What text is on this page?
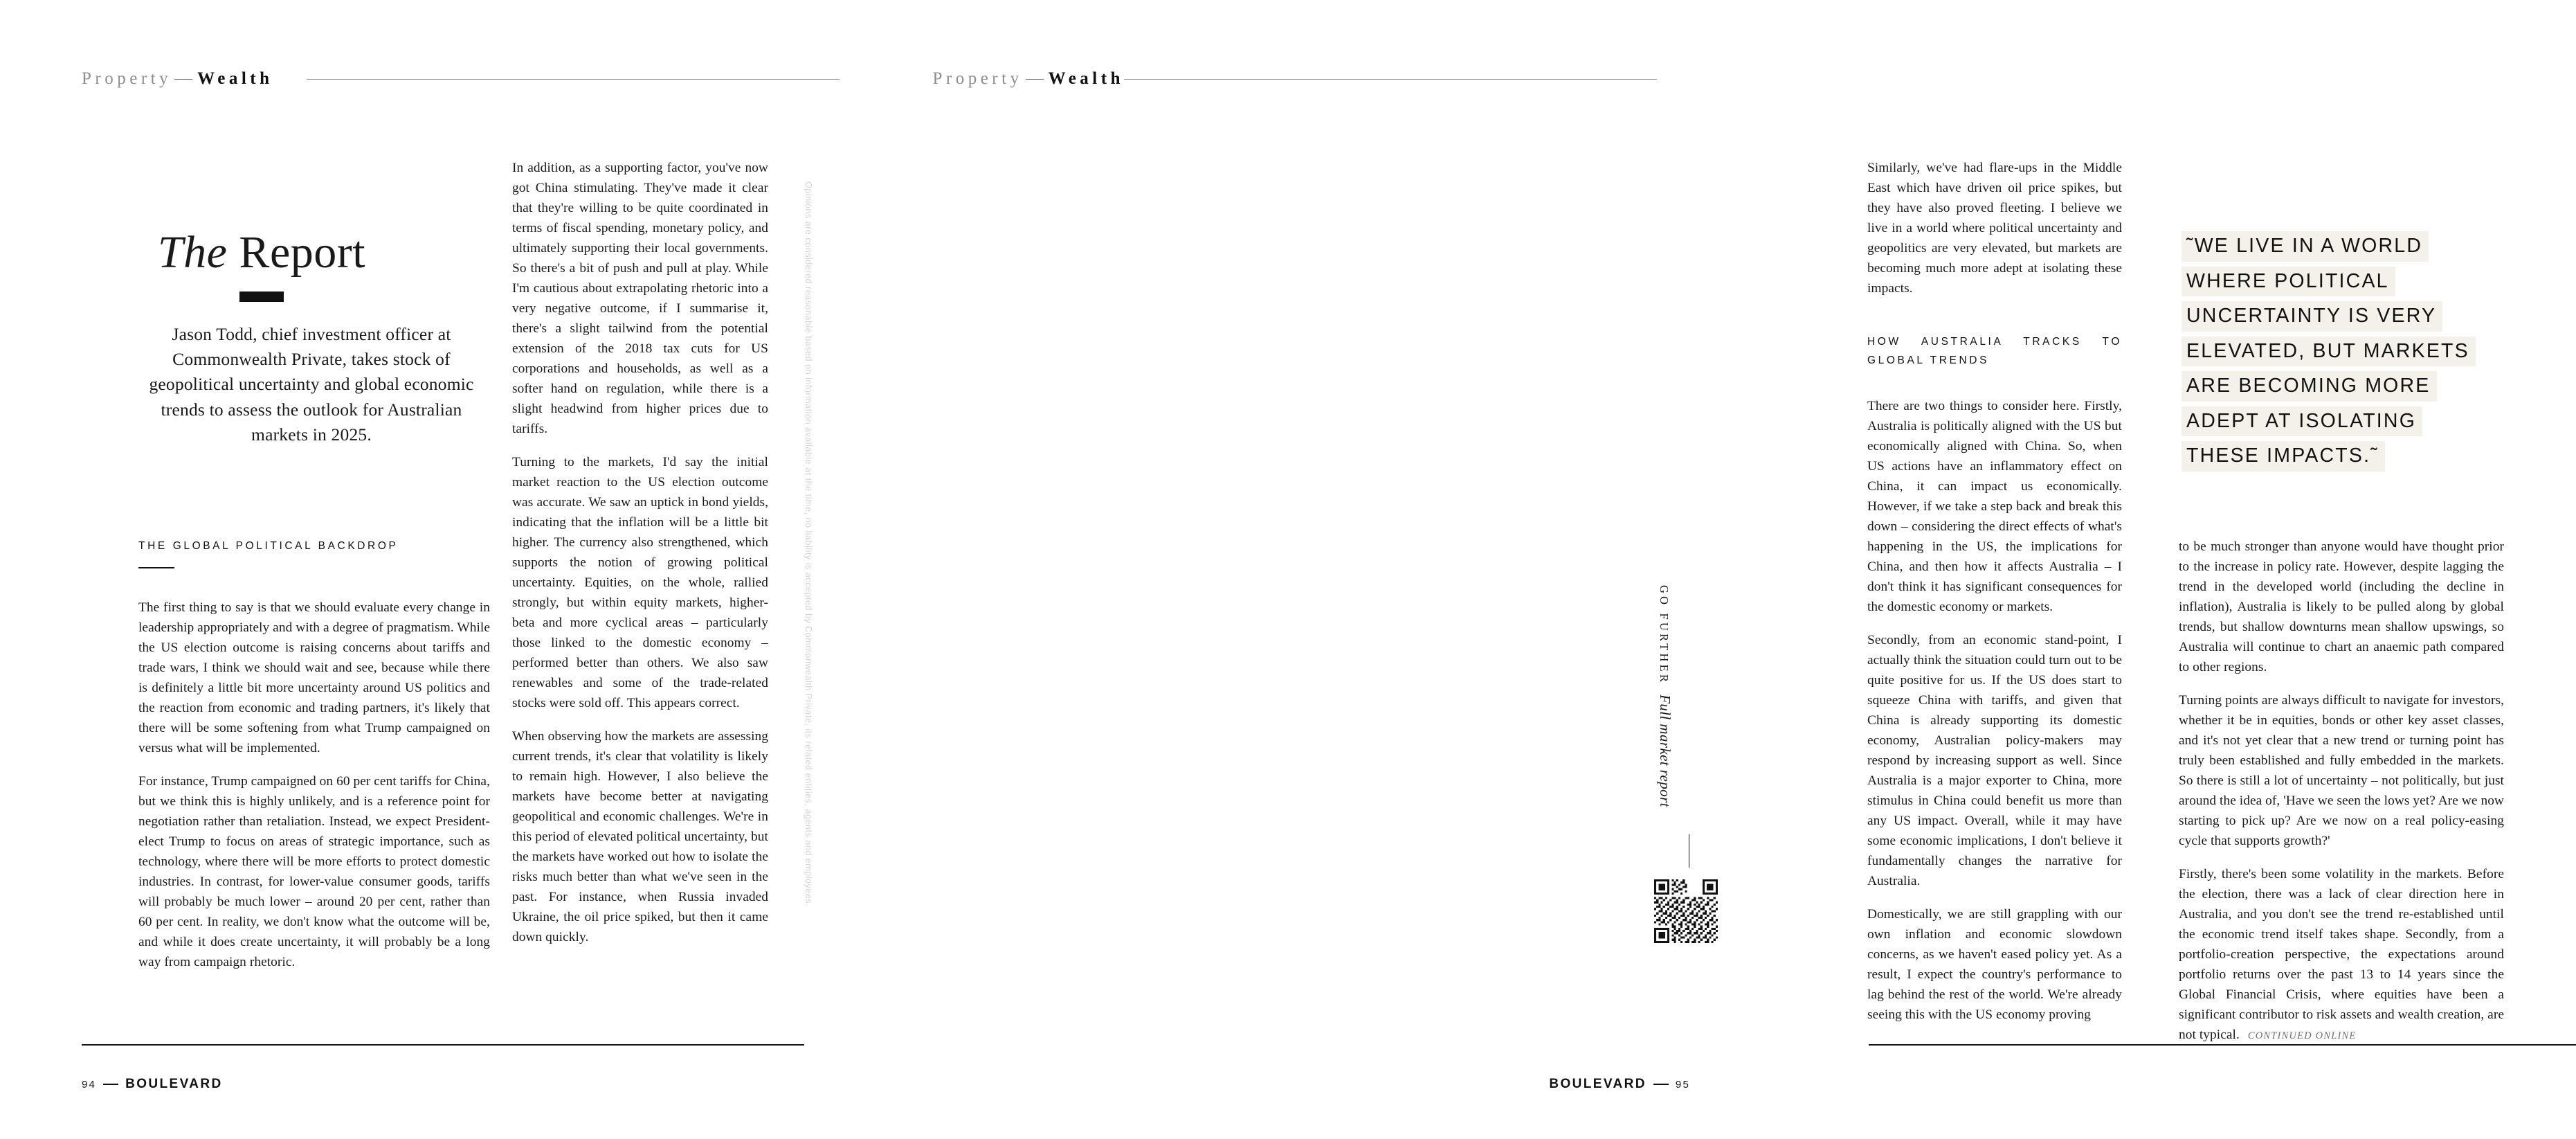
Property Wealth
The Report
Jason Todd, chief investment officer at Commonwealth Private, takes stock of geopolitical uncertainty and global economic trends to assess the outlook for Australian markets in 2025.
THE GLOBAL POLITICAL BACKDROP

The first thing to say is that we should evaluate every change in leadership appropriately and with a degree of pragmatism. While the US election outcome is raising concerns about tariffs and trade wars, I think we should wait and see, because while there is definitely a little bit more uncertainty around US politics and the reaction from economic and trading partners, it's likely that there will be some softening from what Trump campaigned on versus what will be implemented.

For instance, Trump campaigned on 60 per cent tariffs for China, but we think this is highly unlikely, and is a reference point for negotiation rather than retaliation. Instead, we expect President-elect Trump to focus on areas of strategic importance, such as technology, where there will be more efforts to protect domestic industries. In contrast, for lower-value consumer goods, tariffs will probably be much lower – around 20 per cent, rather than 60 per cent. In reality, we don't know what the outcome will be, and while it does create uncertainty, it will probably be a long way from campaign rhetoric.

In addition, as a supporting factor, you've now got China stimulating. They've made it clear that they're willing to be quite coordinated in terms of fiscal spending, monetary policy, and ultimately supporting their local governments. So there's a bit of push and pull at play. While I'm cautious about extrapolating rhetoric into a very negative outcome, if I summarise it, there's a slight tailwind from the potential extension of the 2018 tax cuts for US corporations and households, as well as a softer hand on regulation, while there is a slight headwind from higher prices due to tariffs.

Turning to the markets, I'd say the initial market reaction to the US election outcome was accurate. We saw an uptick in bond yields, indicating that the inflation will be a little bit higher. The currency also strengthened, which supports the notion of growing political uncertainty. Equities, on the whole, rallied strongly, but within equity markets, higher-beta and more cyclical areas – particularly those linked to the domestic economy – performed better than others. We also saw renewables and some of the trade-related stocks were sold off. This appears correct.

When observing how the markets are assessing current trends, it's clear that volatility is likely to remain high. However, I also believe the markets have become better at navigating geopolitical and economic challenges. We're in this period of elevated political uncertainty, but the markets have worked out how to isolate the risks much better than what we've seen in the past. For instance, when Russia invaded Ukraine, the oil price spiked, but then it came down quickly.

94 BOULEVARD
Property Wealth

Similarly, we've had flare-ups in the Middle East which have driven oil price spikes, but they have also proved fleeting. I believe we live in a world where political uncertainty and geopolitics are very elevated, but markets are becoming much more adept at isolating these impacts.

HOW AUSTRALIA TRACKS TO GLOBAL TRENDS

There are two things to consider here. Firstly, Australia is politically aligned with the US but economically aligned with China. So, when US actions have an inflammatory effect on China, it can impact us economically. However, if we take a step back and break this down – considering the direct effects of what's happening in the US, the implications for China, and then how it affects Australia – I don't think it has significant consequences for the domestic economy or markets.

Secondly, from an economic stand-point, I actually think the situation could turn out to be quite positive for us. If the US does start to squeeze China with tariffs, and given that China is already supporting its domestic economy, Australian policy-makers may respond by increasing support as well. Since Australia is a major exporter to China, more stimulus in China could benefit us more than any US impact. Overall, while it may have some economic implications, I don't believe it fundamentally changes the narrative for Australia.

Domestically, we are still grappling with our own inflation and economic slowdown concerns, as we haven't eased policy yet. As a result, I expect the country's performance to lag behind the rest of the world. We're already seeing this with the US economy proving

˜WE LIVE IN A WORLD
WHERE POLITICAL
UNCERTAINTY IS VERY
ELEVATED, BUT MARKETS
ARE BECOMING MORE
ADEPT AT ISOLATING
THESE IMPACTS.˜

to be much stronger than anyone would have thought prior to the increase in policy rate. However, despite lagging the trend in the developed world (including the decline in inflation), Australia is likely to be pulled along by global trends, but shallow downturns mean shallow upswings, so Australia will continue to chart an anaemic path compared to other regions.

Turning points are always difficult to navigate for investors, whether it be in equities, bonds or other key asset classes, and it's not yet clear that a new trend or turning point has truly been established and fully embedded in the markets. So there is still a lot of uncertainty – not politically, but just around the idea of, 'Have we seen the lows yet? Are we now starting to pick up? Are we now on a real policy-easing cycle that supports growth?'

Firstly, there's been some volatility in the markets. Before the election, there was a lack of clear direction here in Australia, and you don't see the trend re-established until the economic trend itself takes shape. Secondly, from a portfolio-creation perspective, the expectations around portfolio returns over the past 13 to 14 years since the Global Financial Crisis, where equities have been a significant contributor to risk assets and wealth creation, are not typical. CONTINUED ONLINE

BOULEVARD	95
Opinions are considered reasonable based on information available at the time, no liability is accepted by Commonwealth Private, its related entities, agents and employees.	GO FURTHER
Full market report
